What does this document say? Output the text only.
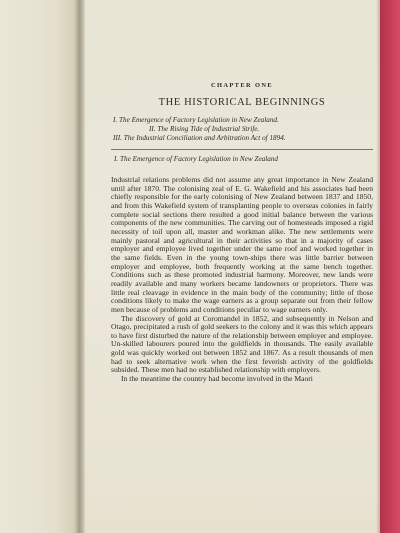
CHAPTER ONE
THE HISTORICAL BEGINNINGS
I. The Emergence of Factory Legislation in New Zealand.
II. The Rising Tide of Industrial Strife.
III. The Industrial Conciliation and Arbitration Act of 1894.
I. The Emergence of Factory Legislation in New Zealand

Industrial relations problems did not assume any great importance in New Zealand until after 1870. The colonising zeal of E. G. Wakefield and his associates had been chiefly responsible for the early colonising of New Zealand between 1837 and 1850, and from this Wakefield system of transplanting people to overseas colonies in fairly complete social sections there resulted a good initial balance between the various components of the new communities. The carving out of homesteads imposed a rigid necessity of toil upon all, master and workman alike. The new settlements were mainly pastoral and agricultural in their activities so that in a majority of cases employer and employee lived together under the same roof and worked together in the same fields. Even in the young town-ships there was little barrier between employer and employee, both frequently working at the same bench together. Conditions such as these promoted industrial harmony. Moreover, new lands were readily available and many workers became landowners or proprietors. There was little real cleavage in evidence in the main body of the community; little of those conditions likely to make the wage earners as a group separate out from their fellow men because of problems and conditions peculiar to wage earners only.

The discovery of gold at Coromandel in 1852, and subsequently in Nelson and Otago, precipitated a rush of gold seekers to the colony and it was this which appears to have first disturbed the nature of the relationship between employer and employee. Un-skilled labourers poured into the goldfields in thousands. The easily available gold was quickly worked out between 1852 and 1867. As a result thousands of men had to seek alternative work when the first feverish activity of the goldfields subsided. These men had no established relationship with employers.

In the meantime the country had become involved in the Maori
